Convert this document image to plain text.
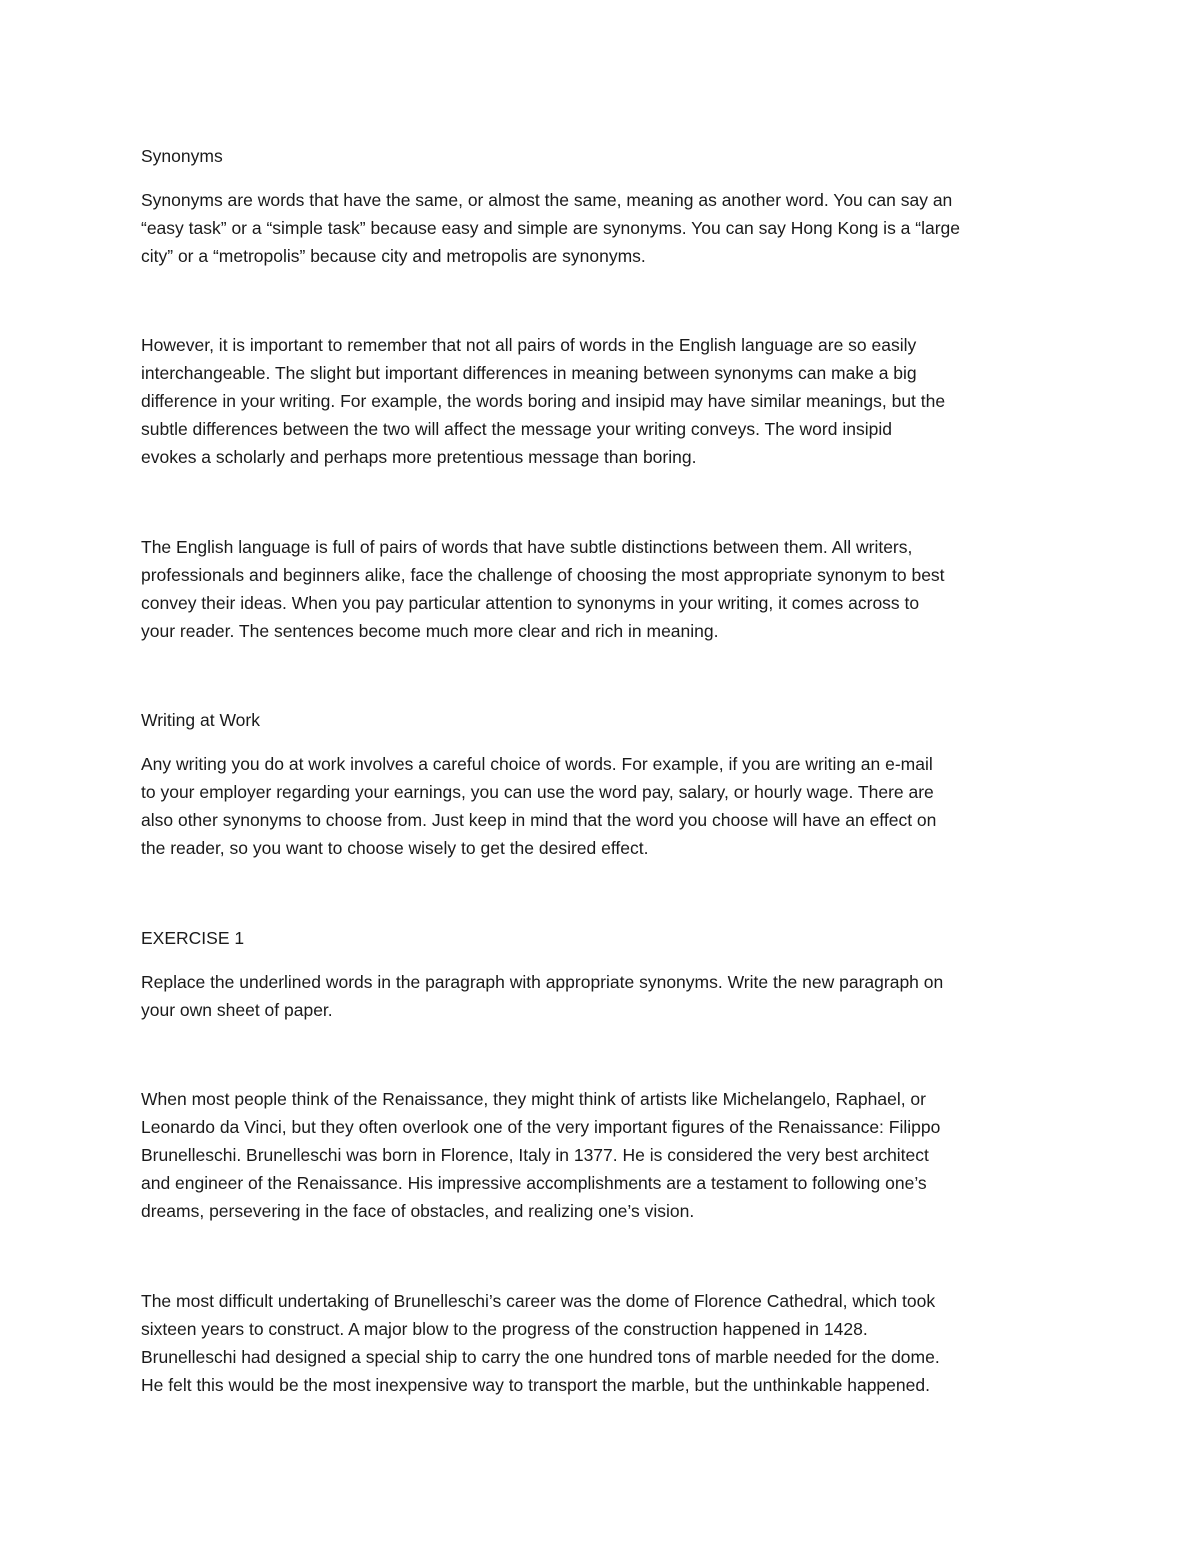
Synonyms
Synonyms are words that have the same, or almost the same, meaning as another word. You can say an
“easy task” or a “simple task” because easy and simple are synonyms. You can say Hong Kong is a “large
city” or a “metropolis” because city and metropolis are synonyms.
However, it is important to remember that not all pairs of words in the English language are so easily
interchangeable. The slight but important differences in meaning between synonyms can make a big
difference in your writing. For example, the words boring and insipid may have similar meanings, but the
subtle differences between the two will affect the message your writing conveys. The word insipid
evokes a scholarly and perhaps more pretentious message than boring.
The English language is full of pairs of words that have subtle distinctions between them. All writers,
professionals and beginners alike, face the challenge of choosing the most appropriate synonym to best
convey their ideas. When you pay particular attention to synonyms in your writing, it comes across to
your reader. The sentences become much more clear and rich in meaning.
Writing at Work
Any writing you do at work involves a careful choice of words. For example, if you are writing an e-mail
to your employer regarding your earnings, you can use the word pay, salary, or hourly wage. There are
also other synonyms to choose from. Just keep in mind that the word you choose will have an effect on
the reader, so you want to choose wisely to get the desired effect.
EXERCISE 1
Replace the underlined words in the paragraph with appropriate synonyms. Write the new paragraph on
your own sheet of paper.
When most people think of the Renaissance, they might think of artists like Michelangelo, Raphael, or
Leonardo da Vinci, but they often overlook one of the very important figures of the Renaissance: Filippo
Brunelleschi. Brunelleschi was born in Florence, Italy in 1377. He is considered the very best architect
and engineer of the Renaissance. His impressive accomplishments are a testament to following one’s
dreams, persevering in the face of obstacles, and realizing one’s vision.
The most difficult undertaking of Brunelleschi’s career was the dome of Florence Cathedral, which took
sixteen years to construct. A major blow to the progress of the construction happened in 1428.
Brunelleschi had designed a special ship to carry the one hundred tons of marble needed for the dome.
He felt this would be the most inexpensive way to transport the marble, but the unthinkable happened.
